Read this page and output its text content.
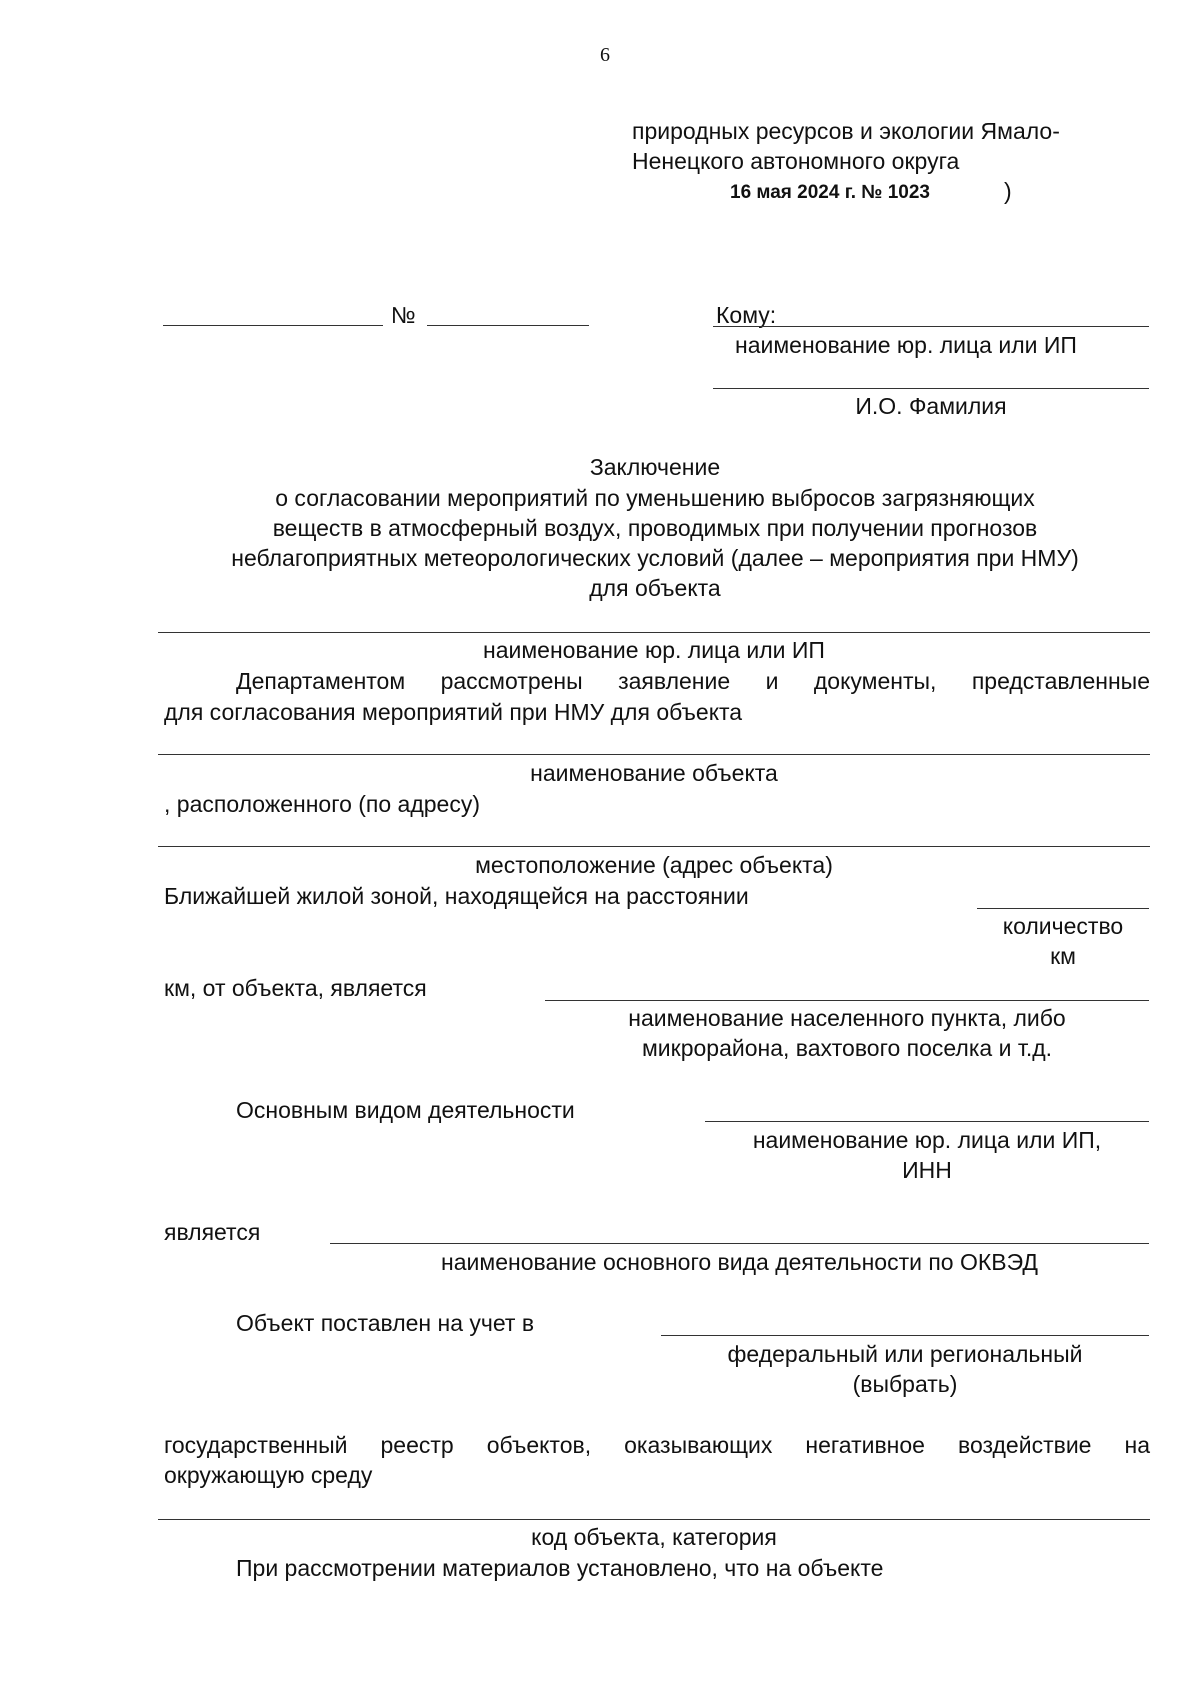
6
природных ресурсов и экологии Ямало-
Ненецкого автономного округа
16 мая 2024 г. № 1023	)
№	Кому:
наименование юр. лица или ИП
И.О. Фамилия
Заключение
о согласовании мероприятий по уменьшению выбросов загрязняющих
веществ в атмосферный воздух, проводимых при получении прогнозов
неблагоприятных метеорологических условий (далее – мероприятия при НМУ)
для объекта
наименование юр. лица или ИП
Департаментом рассмотрены заявление и документы, представленные
для согласования мероприятий при НМУ для объекта
наименование объекта
, расположенного (по адресу)
местоположение (адрес объекта)
Ближайшей жилой зоной, находящейся на расстоянии
количество
км
км, от объекта, является
наименование населенного пункта, либо
микрорайона, вахтового поселка и т.д.
Основным видом деятельности
наименование юр. лица или ИП,
ИНН
является
наименование основного вида деятельности по ОКВЭД
Объект поставлен на учет в
федеральный или региональный
(выбрать)
государственный реестр объектов, оказывающих негативное воздействие на
окружающую среду
код объекта, категория
При рассмотрении материалов установлено, что на объекте
